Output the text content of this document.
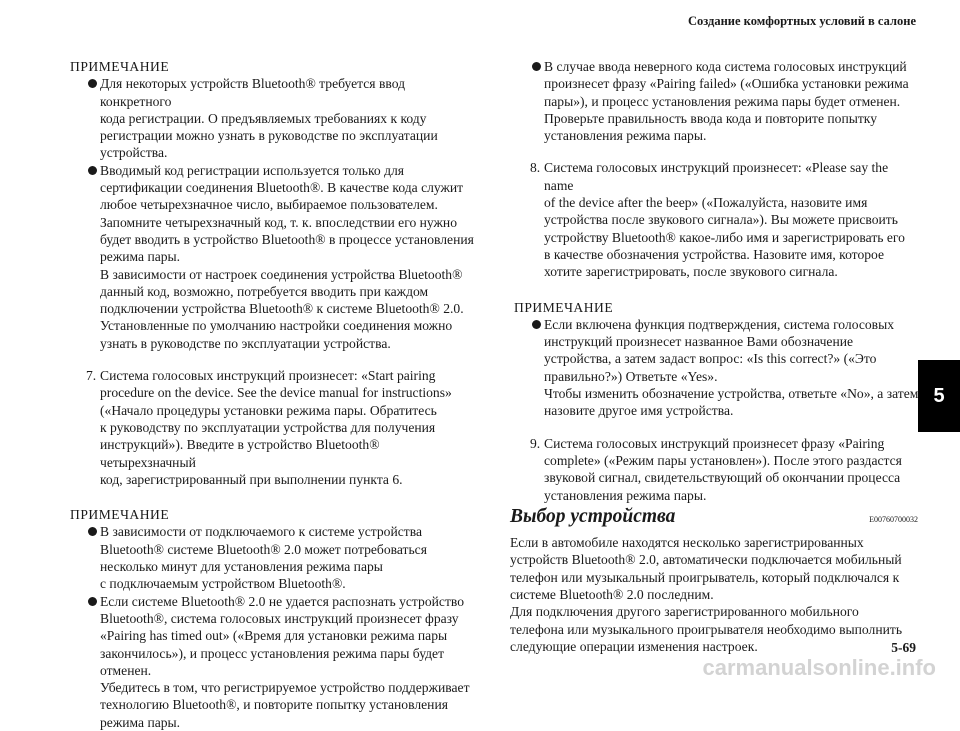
Создание комфортных условий в салоне
ПРИМЕЧАНИЕ

Для некоторых устройств Bluetooth® требуется ввод конкретного

кода регистрации. О предъявляемых требованиях к коду

регистрации можно узнать в руководстве по эксплуатации

устройства.

Вводимый код регистрации используется только для

сертификации соединения Bluetooth®. В качестве кода служит

любое четырехзначное число, выбираемое пользователем.

Запомните четырехзначный код, т. к. впоследствии его нужно

будет вводить в устройство Bluetooth® в процессе установления

режима пары.

В зависимости от настроек соединения устройства Bluetooth®

данный код, возможно, потребуется вводить при каждом

подключении устройства Bluetooth® к системе Bluetooth® 2.0.

Установленные по умолчанию настройки соединения можно

узнать в руководстве по эксплуатации устройства.

7. Система голосовых инструкций произнесет: «Start pairing

procedure on the device. See the device manual for instructions»

(«Начало процедуры установки режима пары. Обратитесь

к руководству по эксплуатации устройства для получения

инструкций»). Введите в устройство Bluetooth® четырехзначный

код, зарегистрированный при выполнении пункта 6.

ПРИМЕЧАНИЕ

В зависимости от подключаемого к системе устройства

Bluetooth® системе Bluetooth® 2.0 может потребоваться

несколько минут для установления режима пары

с подключаемым устройством Bluetooth®.

Если системе Bluetooth® 2.0 не удается распознать устройство

Bluetooth®, система голосовых инструкций произнесет фразу

«Pairing has timed out» («Время для установки режима пары

закончилось»), и процесс установления режима пары будет

отменен.

Убедитесь в том, что регистрируемое устройство поддерживает

технологию Bluetooth®, и повторите попытку установления

режима пары.

В случае ввода неверного кода система голосовых инструкций

произнесет фразу «Pairing failed» («Ошибка установки режима

пары»), и процесс установления режима пары будет отменен.

Проверьте правильность ввода кода и повторите попытку

установления режима пары.

8. Система голосовых инструкций произнесет: «Please say the name

of the device after the beep» («Пожалуйста, назовите имя

устройства после звукового сигнала»). Вы можете присвоить

устройству Bluetooth® какое-либо имя и зарегистрировать его

в качестве обозначения устройства. Назовите имя, которое

хотите зарегистрировать, после звукового сигнала.

ПРИМЕЧАНИЕ

Если включена функция подтверждения, система голосовых

инструкций произнесет названное Вами обозначение

устройства, а затем задаст вопрос: «Is this correct?» («Это

правильно?») Ответьте «Yes».

Чтобы изменить обозначение устройства, ответьте «No», а затем

назовите другое имя устройства.

9. Система голосовых инструкций произнесет фразу «Pairing

complete» («Режим пары установлен»). После этого раздастся

звуковой сигнал, свидетельствующий об окончании процесса

установления режима пары.

Выбор устройства	E00760700032

Если в автомобиле находятся несколько зарегистрированных

устройств Bluetooth® 2.0, автоматически подключается мобильный

телефон или музыкальный проигрыватель, который подключался к

системе Bluetooth® 2.0 последним.

Для подключения другого зарегистрированного мобильного

телефона или музыкального проигрывателя необходимо выполнить

следующие операции изменения настроек.

5
5-69
carmanualsonline.info
